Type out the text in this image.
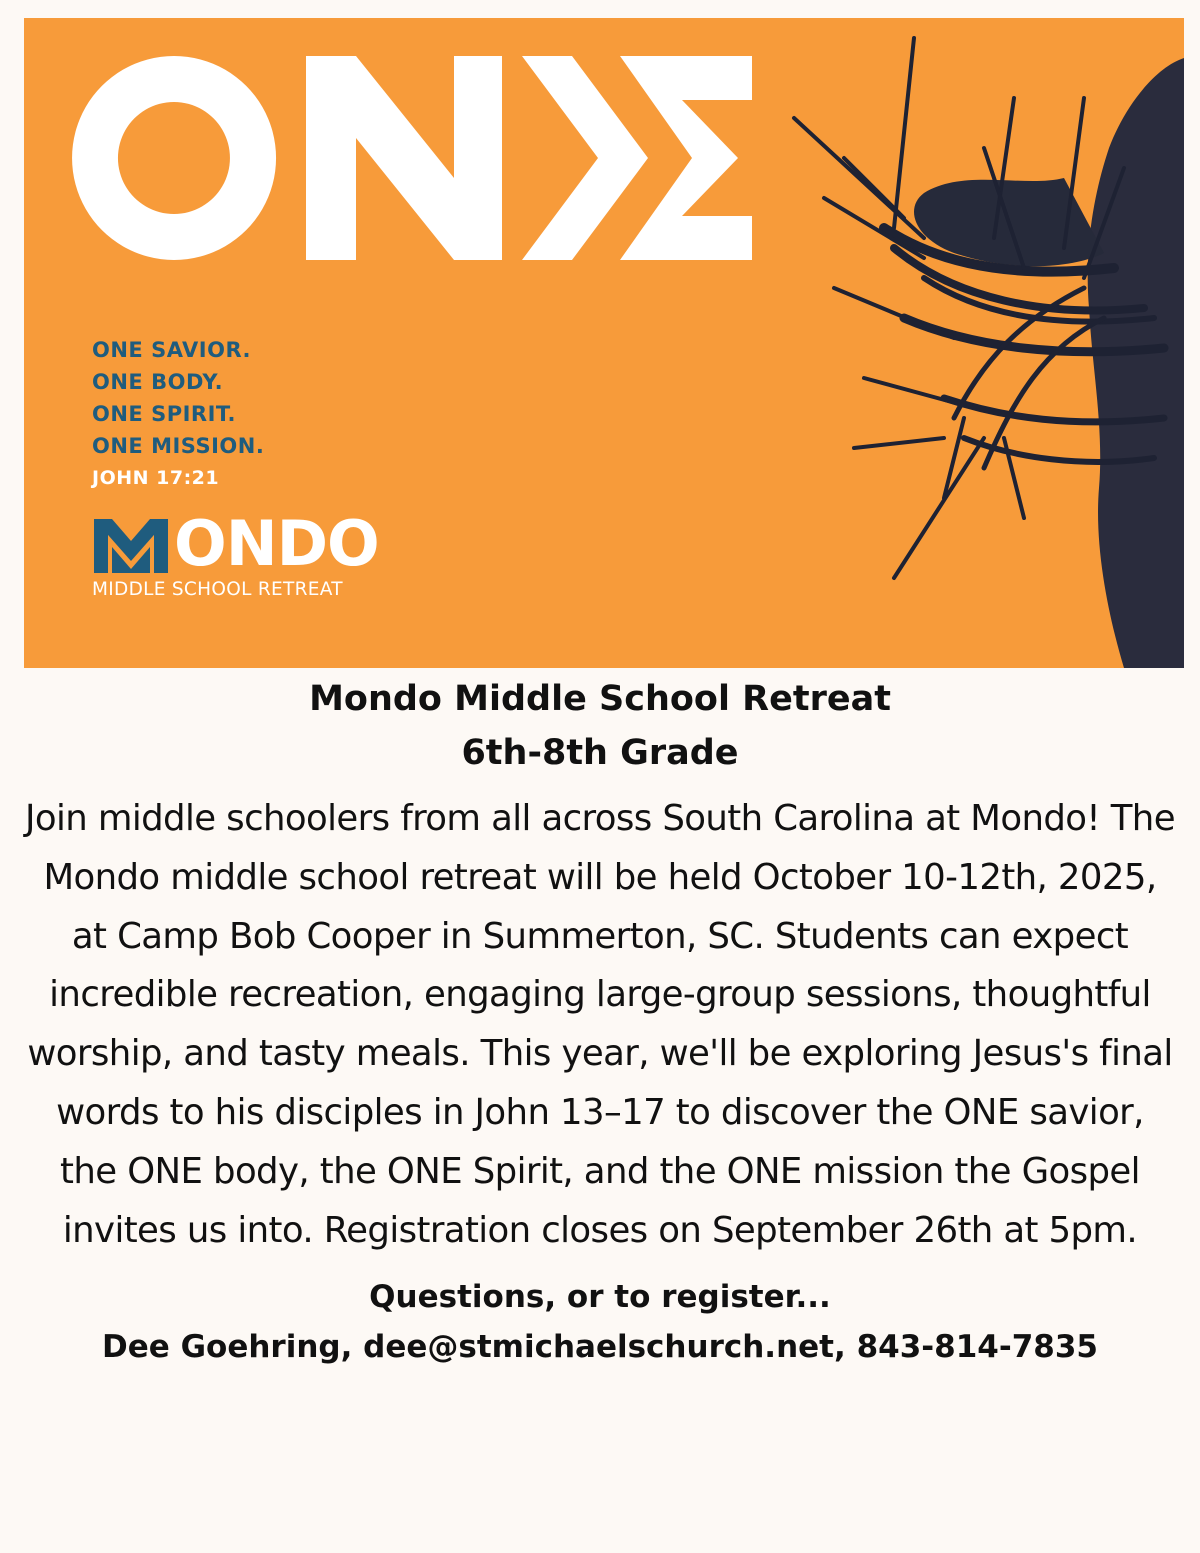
ONE SAVIOR.
ONE BODY.
ONE SPIRIT.
ONE MISSION.
JOHN 17:21
ONDO
MIDDLE SCHOOL RETREAT
Mondo Middle School Retreat
6th-8th Grade
Join middle schoolers from all across South Carolina at Mondo! The Mondo middle school retreat will be held October 10-12th, 2025, at Camp Bob Cooper in Summerton, SC. Students can expect incredible recreation, engaging large-group sessions, thoughtful worship, and tasty meals. This year, we'll be exploring Jesus's final words to his disciples in John 13–17 to discover the ONE savior, the ONE body, the ONE Spirit, and the ONE mission the Gospel invites us into. Registration closes on September 26th at 5pm.
Questions, or to register...
Dee Goehring, dee@stmichaelschurch.net, 843-814-7835
